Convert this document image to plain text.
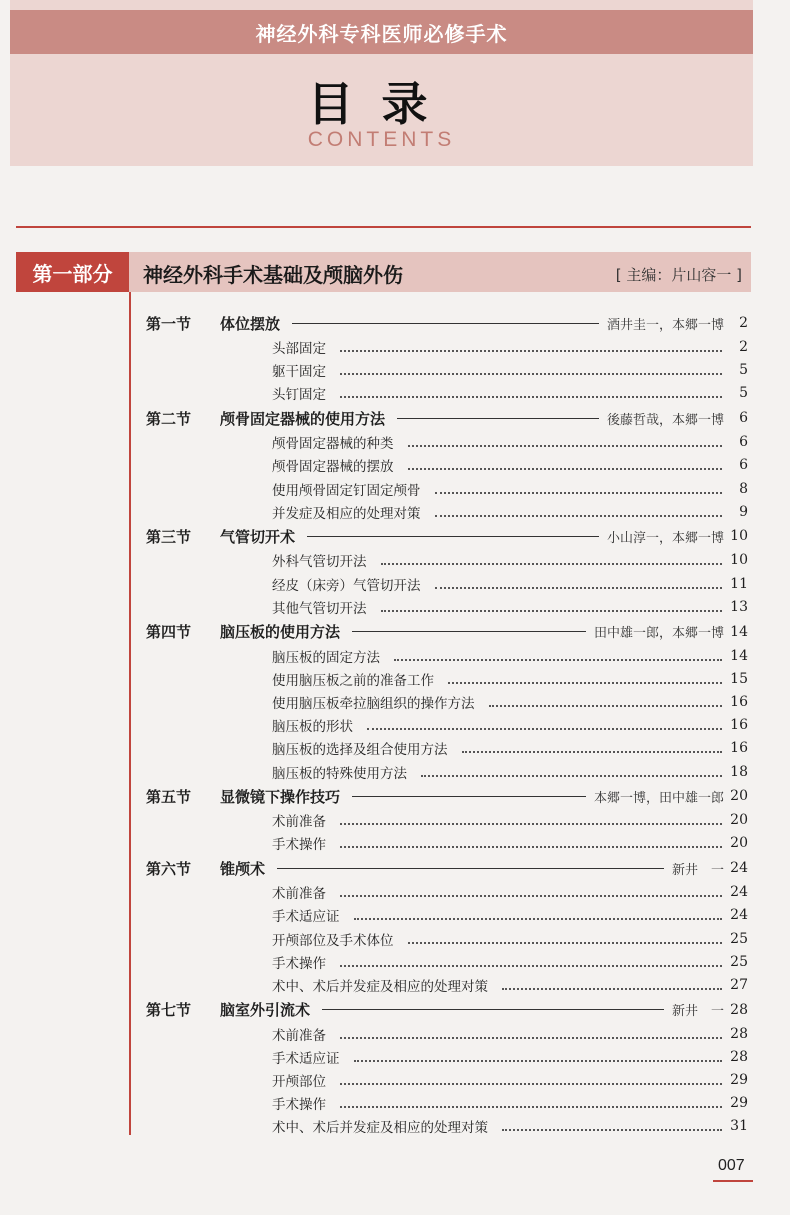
神经外科专科医师必修手术
目录
CONTENTS
第一部分 神经外科手术基础及颅脑外伤	[ 主编：片山容一 ]
第一节	体位摆放	酒井圭一，本郷一博	2
头部固定	2
躯干固定	5
头钉固定	5
第二节	颅骨固定器械的使用方法	後藤哲哉，本郷一博	6
颅骨固定器械的种类	6
颅骨固定器械的摆放	6
使用颅骨固定钉固定颅骨	8
并发症及相应的处理对策	9
第三节	气管切开术	小山淳一，本郷一博 10
外科气管切开法	10
经皮（床旁）气管切开法	11
其他气管切开法	13
第四节	脑压板的使用方法	田中雄一郎，本郷一博 14
脑压板的固定方法	14
使用脑压板之前的准备工作	15
使用脑压板牵拉脑组织的操作方法	16
脑压板的形状	16
脑压板的选择及组合使用方法	16
脑压板的特殊使用方法	18
第五节	显微镜下操作技巧	本郷一博，田中雄一郎 20
术前准备	20
手术操作	20
第六节	锥颅术	新井　一 24
术前准备	24
手术适应证	24
开颅部位及手术体位	25
手术操作	25
术中、术后并发症及相应的处理对策	27
第七节	脑室外引流术	新井　一 28
术前准备	28
手术适应证	28
开颅部位	29
手术操作	29
术中、术后并发症及相应的处理对策	31
007
